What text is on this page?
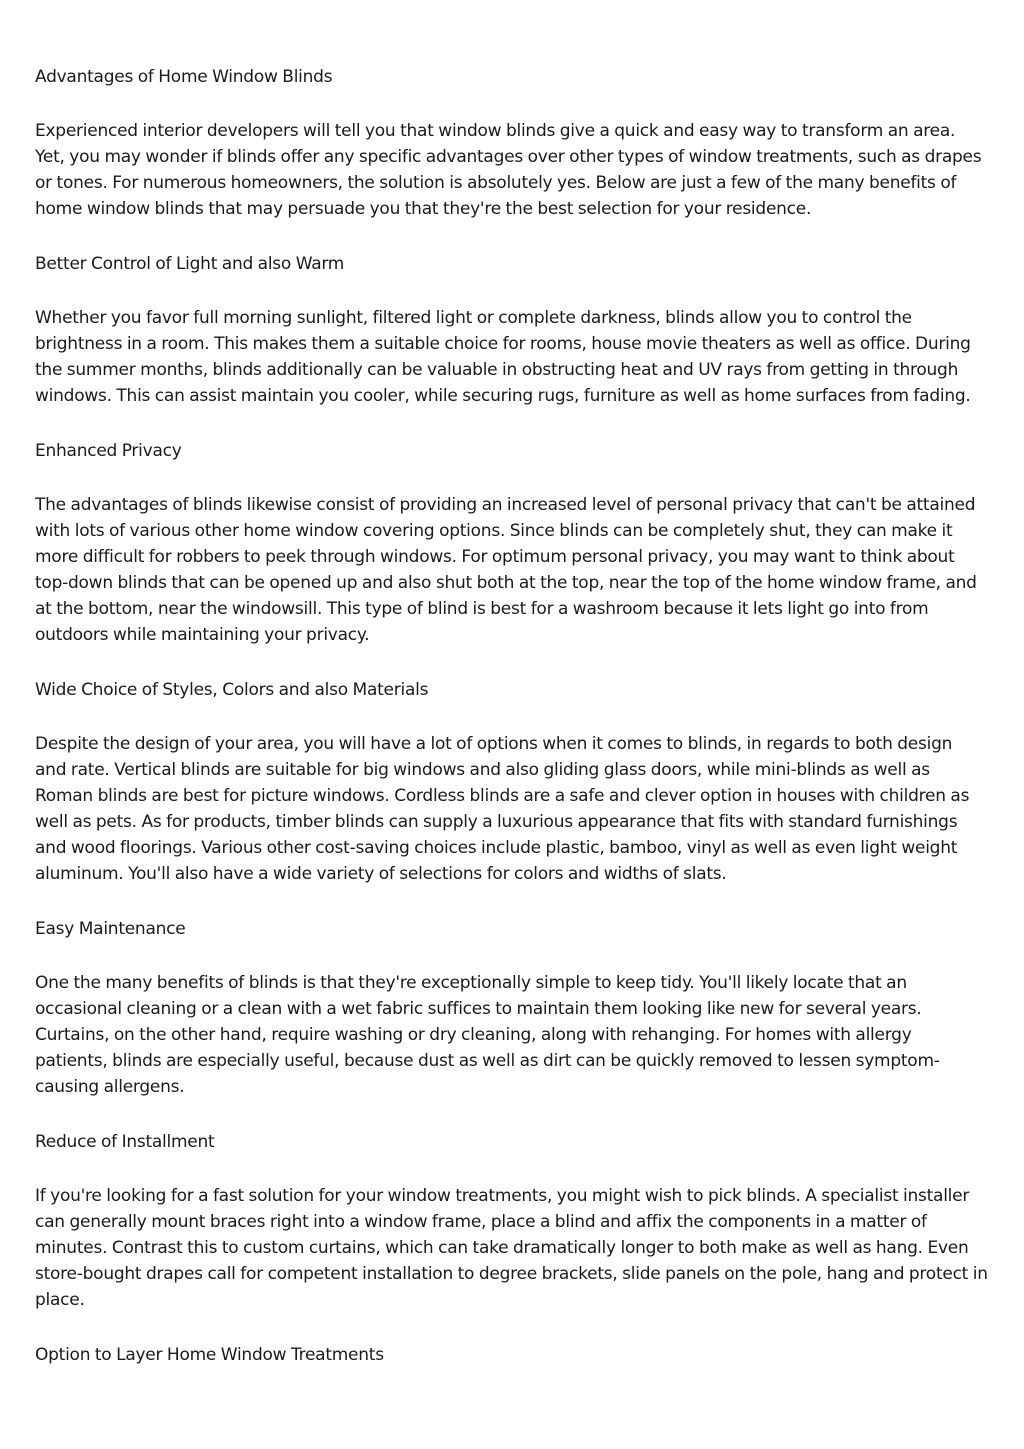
Advantages of Home Window Blinds

Experienced interior developers will tell you that window blinds give a quick and easy way to transform an area. Yet, you may wonder if blinds offer any specific advantages over other types of window treatments, such as drapes or tones. For numerous homeowners, the solution is absolutely yes. Below are just a few of the many benefits of home window blinds that may persuade you that they're the best selection for your residence.

Better Control of Light and also Warm

Whether you favor full morning sunlight, filtered light or complete darkness, blinds allow you to control the brightness in a room. This makes them a suitable choice for rooms, house movie theaters as well as office. During the summer months, blinds additionally can be valuable in obstructing heat and UV rays from getting in through windows. This can assist maintain you cooler, while securing rugs, furniture as well as home surfaces from fading.

Enhanced Privacy

The advantages of blinds likewise consist of providing an increased level of personal privacy that can't be attained with lots of various other home window covering options. Since blinds can be completely shut, they can make it more difficult for robbers to peek through windows. For optimum personal privacy, you may want to think about top-down blinds that can be opened up and also shut both at the top, near the top of the home window frame, and at the bottom, near the windowsill. This type of blind is best for a washroom because it lets light go into from outdoors while maintaining your privacy.

Wide Choice of Styles, Colors and also Materials

Despite the design of your area, you will have a lot of options when it comes to blinds, in regards to both design and rate. Vertical blinds are suitable for big windows and also gliding glass doors, while mini-blinds as well as Roman blinds are best for picture windows. Cordless blinds are a safe and clever option in houses with children as well as pets. As for products, timber blinds can supply a luxurious appearance that fits with standard furnishings and wood floorings. Various other cost-saving choices include plastic, bamboo, vinyl as well as even light weight aluminum. You'll also have a wide variety of selections for colors and widths of slats.

Easy Maintenance

One the many benefits of blinds is that they're exceptionally simple to keep tidy. You'll likely locate that an occasional cleaning or a clean with a wet fabric suffices to maintain them looking like new for several years. Curtains, on the other hand, require washing or dry cleaning, along with rehanging. For homes with allergy patients, blinds are especially useful, because dust as well as dirt can be quickly removed to lessen symptom-causing allergens.

Reduce of Installment

If you're looking for a fast solution for your window treatments, you might wish to pick blinds. A specialist installer can generally mount braces right into a window frame, place a blind and affix the components in a matter of minutes. Contrast this to custom curtains, which can take dramatically longer to both make as well as hang. Even store-bought drapes call for competent installation to degree brackets, slide panels on the pole, hang and protect in place.

Option to Layer Home Window Treatments
